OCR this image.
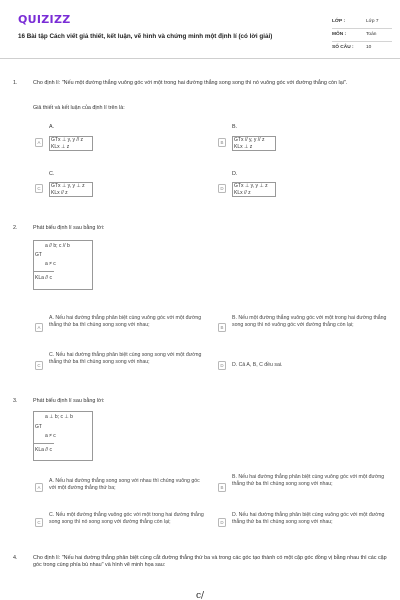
QUIZIZZ
16 Bài tập Cách viết giả thiết, kết luận, vẽ hình và chứng minh một định lí (có lời giải)
LỚP :	Lớp 7
MÔN :	Toán
SỐ CÂU :	10
1.	Cho định lí: "Nếu một đường thẳng vuông góc với một trong hai đường thẳng song song thì nó vuông góc với đường thẳng còn lại".
Giả thiết và kết luận của định lí trên là:
A.
A	GTx ⊥ y, y // z
KLx ⊥ z
B.
B	GTx // y, y // z
KLx ⊥ z
C.
C	GTx ⊥ y, y ⊥ z
KLx // z
D.
D	GTx ⊥ y, y ⊥ z
KLx // z
2.	Phát biểu định lí sau bằng lời:
a // b; c // b
GT
a ≠ c
KLa // c
A
A. Nếu hai đường thẳng phân biệt cùng vuông góc với một đường thẳng thứ ba thì chúng song song với nhau;	B
B. Nếu một đường thẳng vuông góc với một trong hai đường thẳng song song thì nó vuông góc với đường thẳng còn lại;
C
C. Nếu hai đường thẳng phân biệt cùng song song với một đường thẳng thứ ba thì chúng song song với nhau;
D	D. Cả A, B, C đều sai.
3.	Phát biểu định lí sau bằng lời:
a ⊥ b; c ⊥ b
GT
a ≠ c
KLa // c
A
A. Nếu hai đường thẳng song song với nhau thì chúng vuông góc với một đường thẳng thứ ba;	B
B. Nếu hai đường thẳng phân biệt cùng vuông góc với một đường thẳng thứ ba thì chúng song song với nhau;
C
C. Nếu một đường thẳng vuông góc với một trong hai đường thẳng song song thì nó song song với đường thẳng còn lại;	D
D. Nếu hai đường thẳng phân biệt cùng vuông góc với một đường thẳng thứ ba thì chúng song song với nhau;
4.	Cho định lí: "Nếu hai đường thẳng phân biệt cùng cắt đường thẳng thứ ba và trong các góc tạo thành có một cặp góc đồng vị bằng nhau thì các cặp góc trong cùng phía bù nhau" và hình vẽ minh họa sau:
c/
